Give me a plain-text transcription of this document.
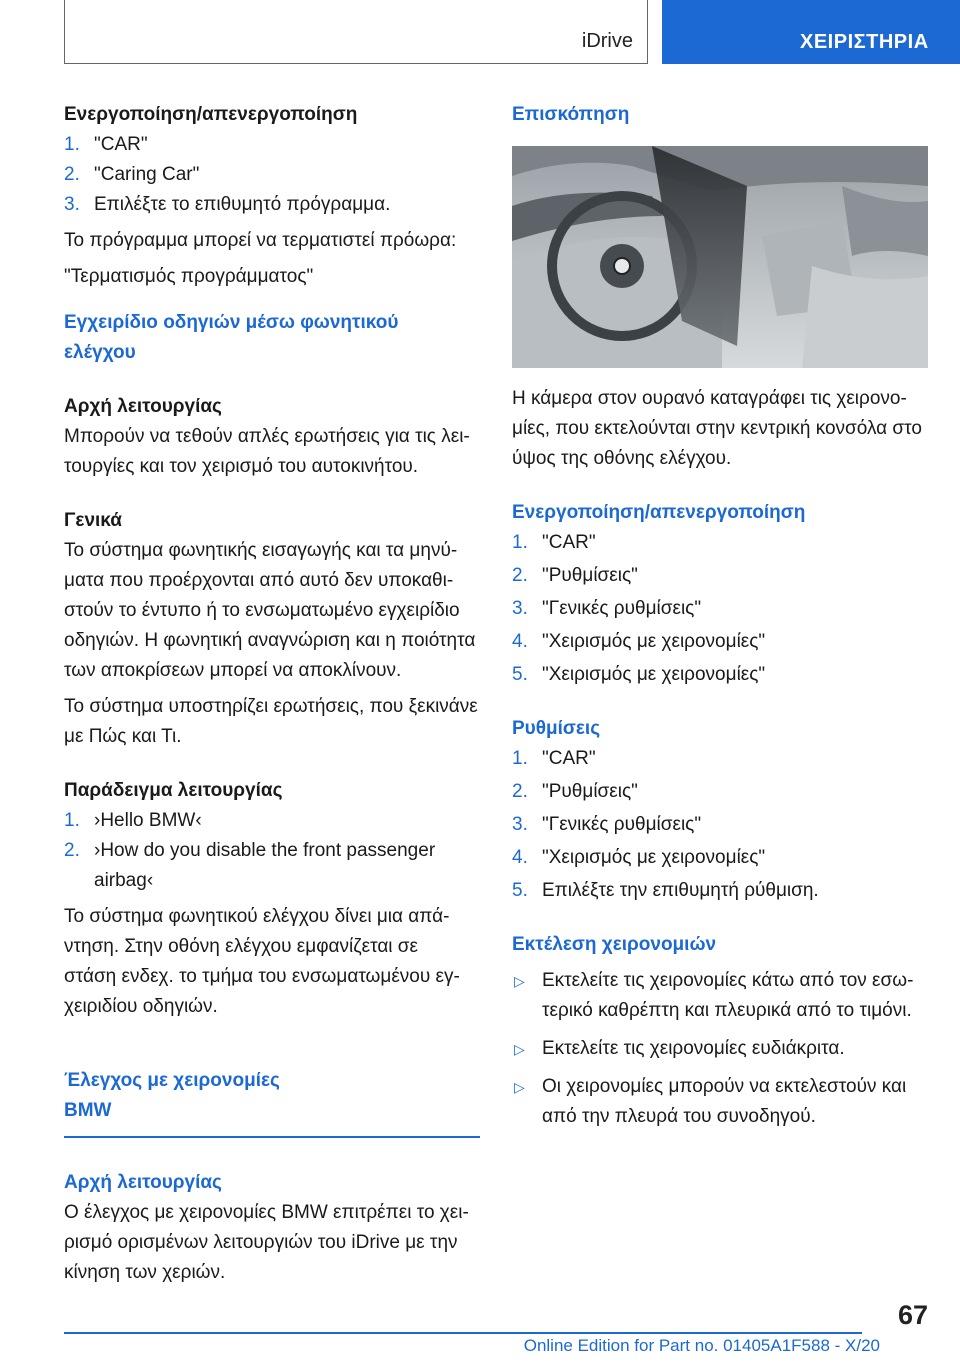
iDrive	ΧΕΙΡΙΣΤΗΡΙΑ

Ενεργοποίηση/απενεργοποίηση

1. "CAR"
2. "Caring Car"
3. Επιλέξτε το επιθυμητό πρόγραμμα.

Το πρόγραμμα μπορεί να τερματιστεί πρόωρα:

"Τερματισμός προγράμματος"

Εγχειρίδιο οδηγιών μέσω φωνητικού
ελέγχου

Αρχή λειτουργίας

Μπορούν να τεθούν απλές ερωτήσεις για τις λει-
τουργίες και τον χειρισμό του αυτοκινήτου.

Γενικά

Το σύστημα φωνητικής εισαγωγής και τα μηνύ-
ματα που προέρχονται από αυτό δεν υποκαθι-
στούν το έντυπο ή το ενσωματωμένο εγχειρίδιο
οδηγιών. Η φωνητική αναγνώριση και η ποιότητα
των αποκρίσεων μπορεί να αποκλίνουν.

Το σύστημα υποστηρίζει ερωτήσεις, που ξεκινάνε
με Πώς και Τι.

Παράδειγμα λειτουργίας

1. ›Hello BMW‹
2. ›How do you disable the front passenger
airbag‹

Το σύστημα φωνητικού ελέγχου δίνει μια απά-
ντηση. Στην οθόνη ελέγχου εμφανίζεται σε
στάση ενδεχ. το τμήμα του ενσωματωμένου εγ-
χειριδίου οδηγιών.

Έλεγχος με χειρονομίες
BMW

Αρχή λειτουργίας

Ο έλεγχος με χειρονομίες BMW επιτρέπει το χει-
ρισμό ορισμένων λειτουργιών του iDrive με την
κίνηση των χεριών.

Επισκόπηση

Η κάμερα στον ουρανό καταγράφει τις χειρονο-
μίες, που εκτελούνται στην κεντρική κονσόλα στο
ύψος της οθόνης ελέγχου.

Ενεργοποίηση/απενεργοποίηση

1. "CAR"
2. "Ρυθμίσεις"
3. "Γενικές ρυθμίσεις"
4. "Χειρισμός με χειρονομίες"
5. "Χειρισμός με χειρονομίες"

Ρυθμίσεις

1. "CAR"
2. "Ρυθμίσεις"
3. "Γενικές ρυθμίσεις"
4. "Χειρισμός με χειρονομίες"
5. Επιλέξτε την επιθυμητή ρύθμιση.

Εκτέλεση χειρονομιών

▷ Εκτελείτε τις χειρονομίες κάτω από τον εσω-
τερικό καθρέπτη και πλευρικά από το τιμόνι.
▷ Εκτελείτε τις χειρονομίες ευδιάκριτα.
▷ Οι χειρονομίες μπορούν να εκτελεστούν και
από την πλευρά του συνοδηγού.
67
Online Edition for Part no. 01405A1F588 - X/20
